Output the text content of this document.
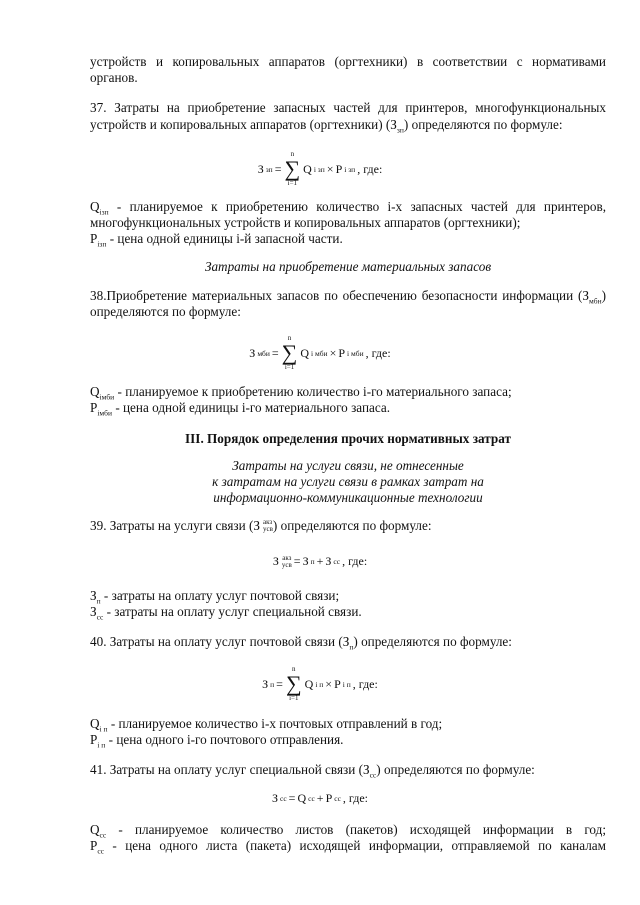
устройств и копировальных аппаратов (оргтехники) в соответствии с нормативами

органов.

37. Затраты на приобретение запасных частей для принтеров, многофункциональных

устройств и копировальных аппаратов (оргтехники) $(З_{зп})$ определяются по формуле:

З зп =
n
∑
i=1
Q i зп × P i зп , где:

$Q_{iзп}$ - планируемое к приобретению количество i-х запасных частей для принтеров,

многофункциональных устройств и копировальных аппаратов (оргтехники);

$P_{iзп}$ - цена одной единицы i-й запасной части.

Затраты на приобретение материальных запасов

38.Приобретение материальных запасов по обеспечению безопасности информации $(З_{мбн})$

определяются по формуле:

З мби =
n
∑
i=1
Q i мби × P i мби , где:

$Q_{iмби}$ - планируемое к приобретению количество i-го материального запаса;

$P_{iмби}$ - цена одной единицы i-го материального запаса.

III. Порядок определения прочих нормативных затрат

Затраты на услуги связи, не отнесенные

к затратам на услуги связи в рамках затрат на

информационно-коммуникационные технологии

39. Затраты на услуги связи ( З акз
усв ) определяются по формуле:

З акз
усв = З п + З сс , где:

$З_п$ - затраты на оплату услуг почтовой связи;

$З_{сс}$ - затраты на оплату услуг специальной связи.

40. Затраты на оплату услуг почтовой связи $(З_п)$ определяются по формуле:

З п =
n
∑
i=1
Q i п × P i п , где:

$Q_{i п}$ - планируемое количество i-х почтовых отправлений в год;

$P_{i п}$ - цена одного i-го почтового отправления.

41. Затраты на оплату услуг специальной связи $(З_{сс})$ определяются по формуле:

З сс = Q сс + P сс , где:

$Q_{сс}$ - планируемое количество листов (пакетов) исходящей информации в год;

$P_{сс}$ - цена одного листа (пакета) исходящей информации, отправляемой по каналам
